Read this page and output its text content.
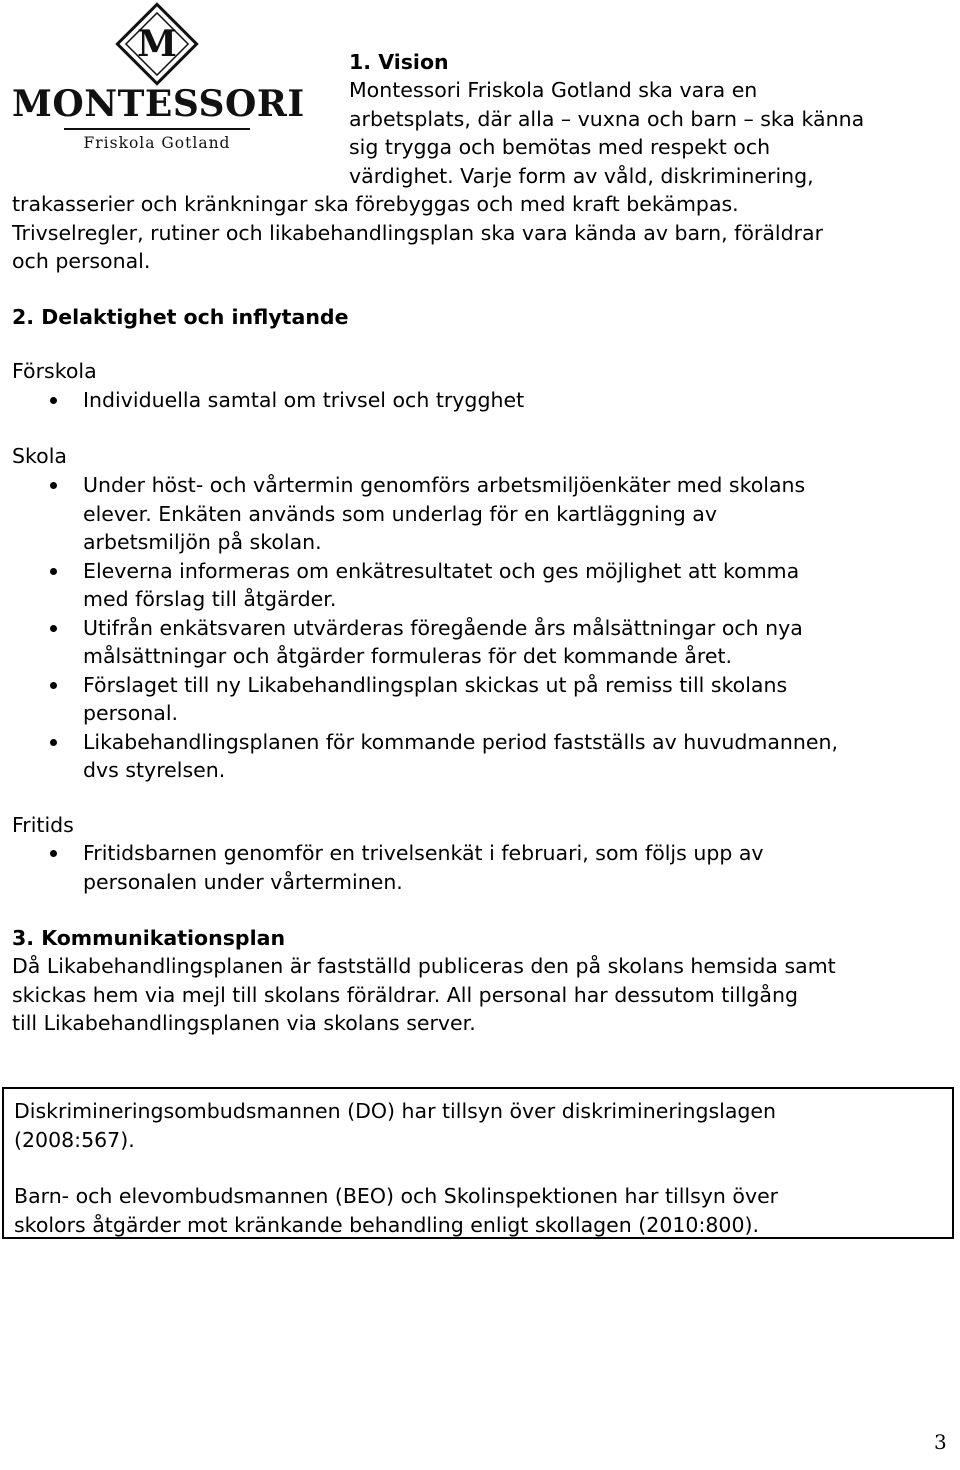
M
MONTESSORI
Friskola Gotland
1. Vision
Montessori Friskola Gotland ska vara en
arbetsplats, där alla – vuxna och barn – ska känna
sig trygga och bemötas med respekt och
värdighet. Varje form av våld, diskriminering,
trakasserier och kränkningar ska förebyggas och med kraft bekämpas.
Trivselregler, rutiner och likabehandlingsplan ska vara kända av barn, föräldrar
och personal.
2. Delaktighet och inflytande
Förskola
Individuella samtal om trivsel och trygghet
Skola
Under höst- och vårtermin genomförs arbetsmiljöenkäter med skolans
elever. Enkäten används som underlag för en kartläggning av
arbetsmiljön på skolan.
Eleverna informeras om enkätresultatet och ges möjlighet att komma
med förslag till åtgärder.
Utifrån enkätsvaren utvärderas föregående års målsättningar och nya
målsättningar och åtgärder formuleras för det kommande året.
Förslaget till ny Likabehandlingsplan skickas ut på remiss till skolans
personal.
Likabehandlingsplanen för kommande period fastställs av huvudmannen,
dvs styrelsen.
Fritids
Fritidsbarnen genomför en trivelsenkät i februari, som följs upp av
personalen under vårterminen.
3. Kommunikationsplan
Då Likabehandlingsplanen är fastställd publiceras den på skolans hemsida samt
skickas hem via mejl till skolans föräldrar. All personal har dessutom tillgång
till Likabehandlingsplanen via skolans server.

Diskrimineringsombudsmannen (DO) har tillsyn över diskrimineringslagen
(2008:567).

Barn- och elevombudsmannen (BEO) och Skolinspektionen har tillsyn över
skolors åtgärder mot kränkande behandling enligt skollagen (2010:800).

3
